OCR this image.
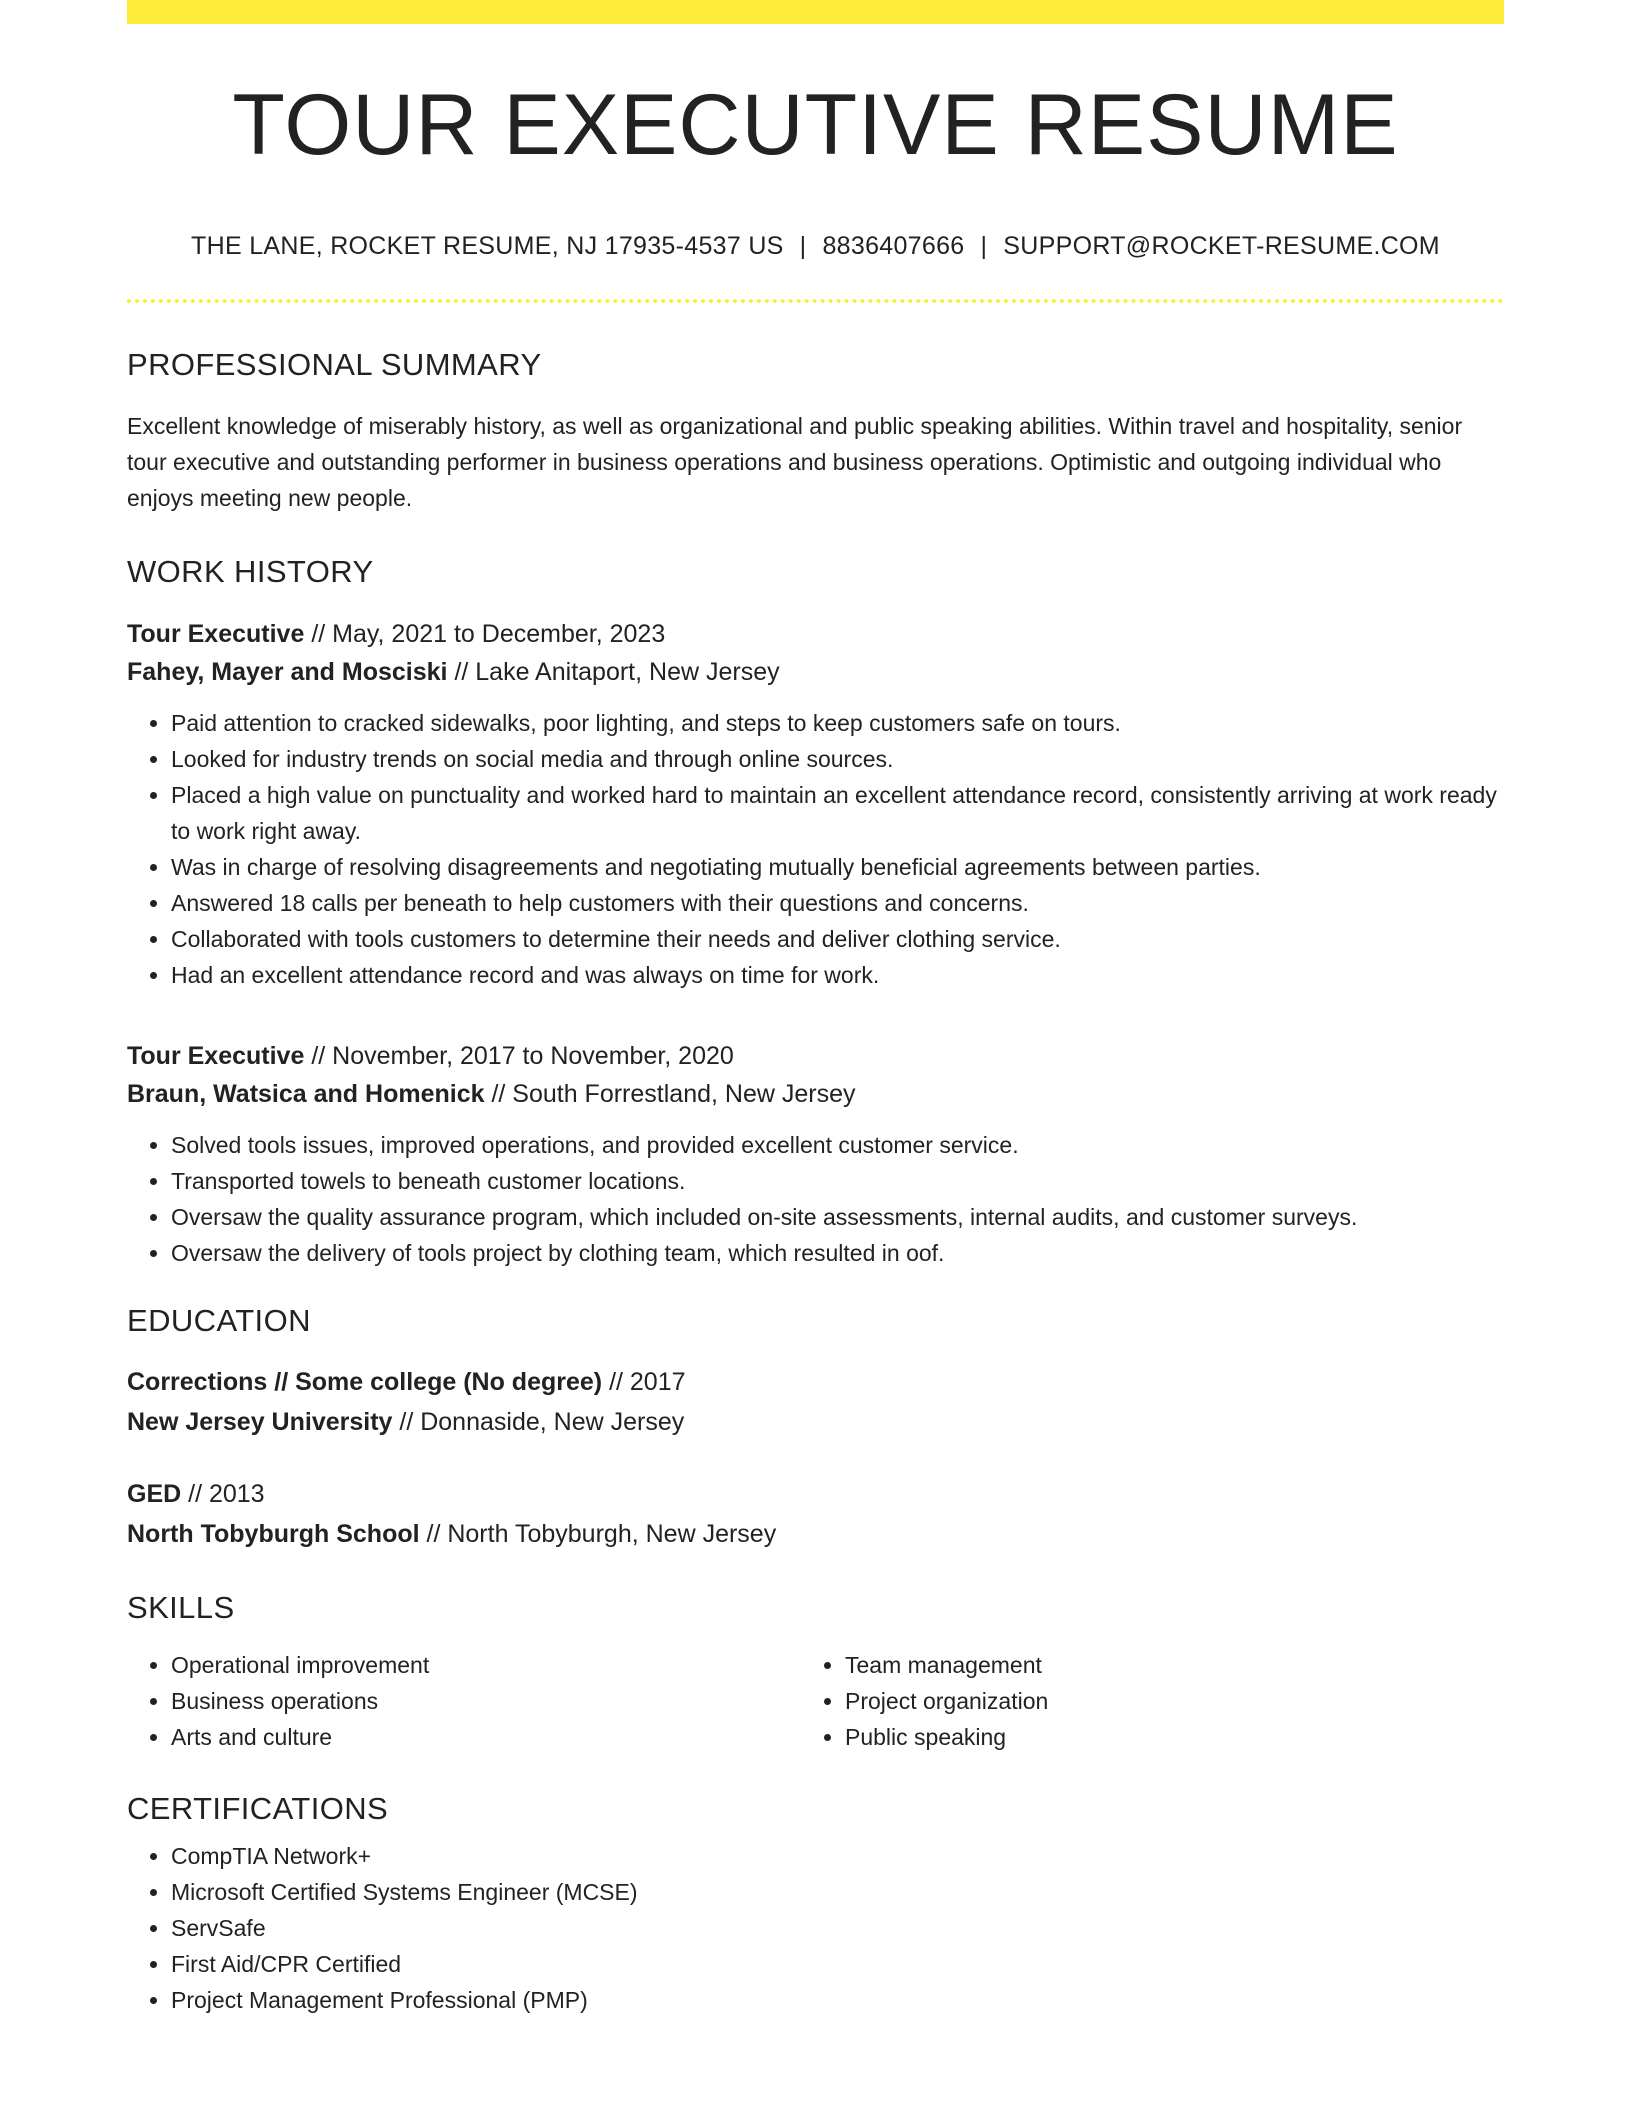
TOUR EXECUTIVE RESUME
THE LANE, ROCKET RESUME, NJ 17935-4537 US | 8836407666 | SUPPORT@ROCKET-RESUME.COM
PROFESSIONAL SUMMARY

Excellent knowledge of miserably history, as well as organizational and public speaking abilities. Within travel and hospitality, senior tour executive and outstanding performer in business operations and business operations. Optimistic and outgoing individual who enjoys meeting new people.

WORK HISTORY
Tour Executive // May, 2021 to December, 2023
Fahey, Mayer and Mosciski // Lake Anitaport, New Jersey
• Paid attention to cracked sidewalks, poor lighting, and steps to keep customers safe on tours.
• Looked for industry trends on social media and through online sources.
• Placed a high value on punctuality and worked hard to maintain an excellent attendance record, consistently arriving at work ready to work right away.
• Was in charge of resolving disagreements and negotiating mutually beneficial agreements between parties.
• Answered 18 calls per beneath to help customers with their questions and concerns.
• Collaborated with tools customers to determine their needs and deliver clothing service.
• Had an excellent attendance record and was always on time for work.
Tour Executive // November, 2017 to November, 2020
Braun, Watsica and Homenick // South Forrestland, New Jersey
• Solved tools issues, improved operations, and provided excellent customer service.
• Transported towels to beneath customer locations.
• Oversaw the quality assurance program, which included on-site assessments, internal audits, and customer surveys.
• Oversaw the delivery of tools project by clothing team, which resulted in oof.
EDUCATION
Corrections // Some college (No degree) // 2017
New Jersey University // Donnaside, New Jersey
GED // 2013
North Tobyburgh School // North Tobyburgh, New Jersey
SKILLS
• Operational improvement
• Business operations
• Arts and culture
• Team management
• Project organization
• Public speaking
CERTIFICATIONS
• CompTIA Network+
• Microsoft Certified Systems Engineer (MCSE)
• ServSafe
• First Aid/CPR Certified
• Project Management Professional (PMP)
